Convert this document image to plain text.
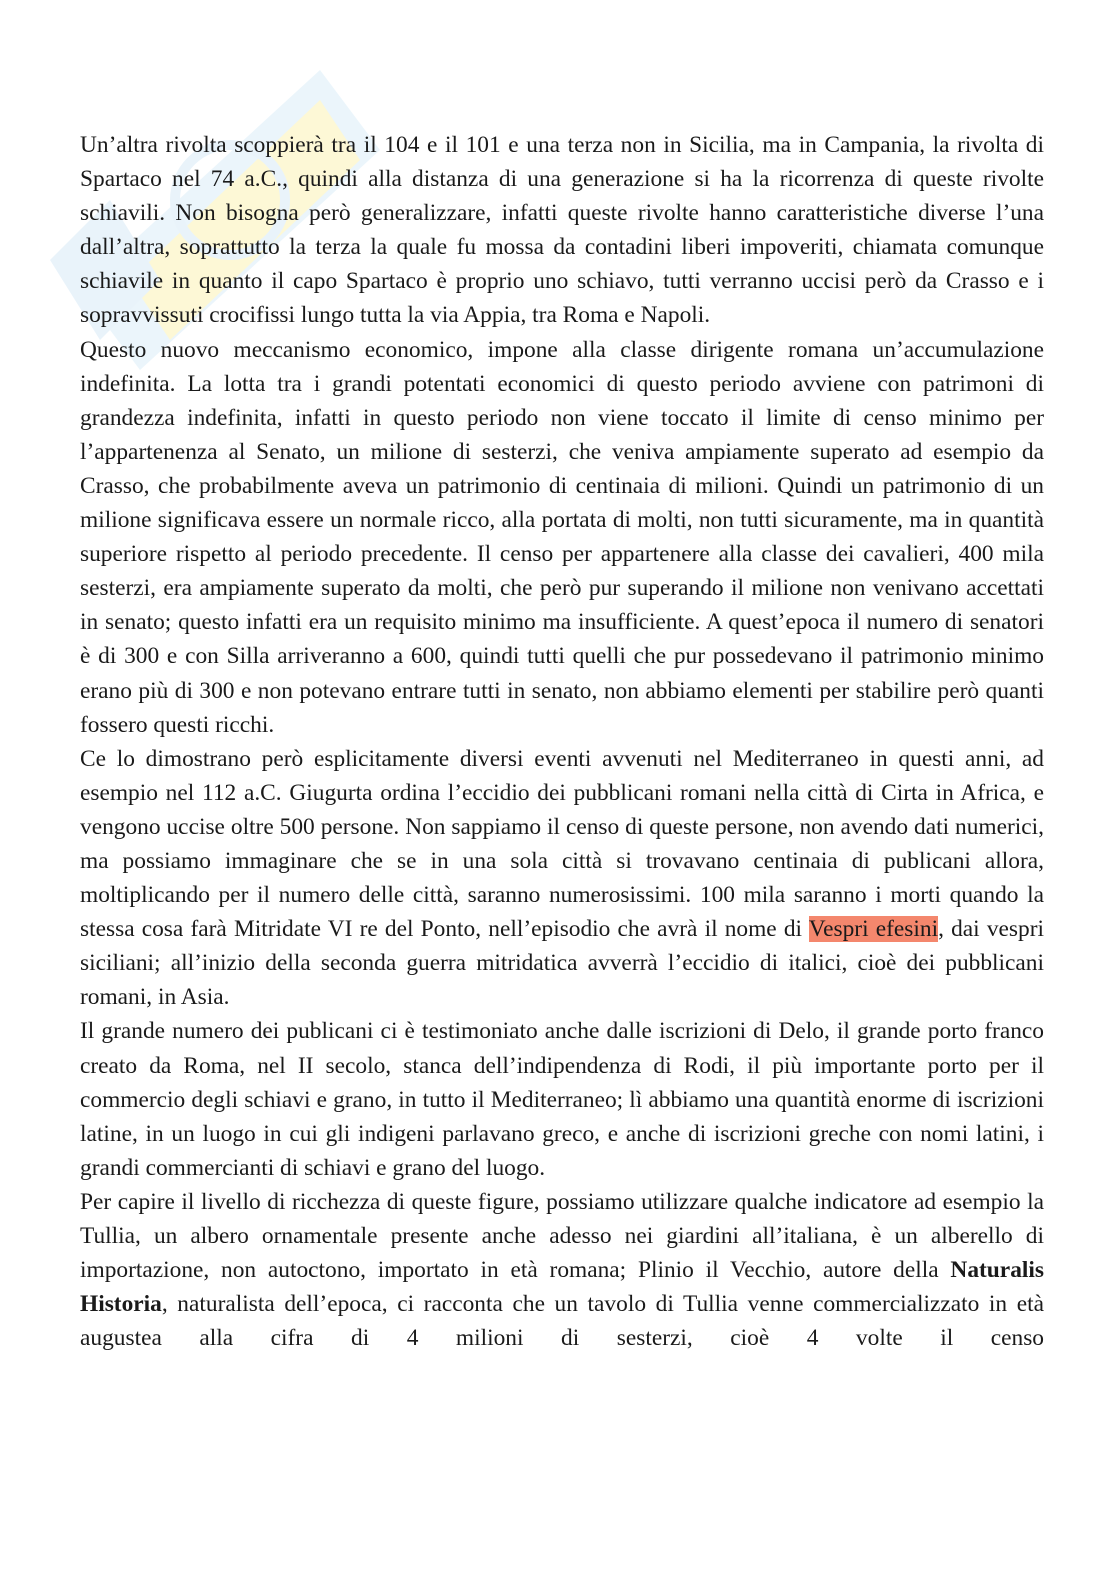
Un’altra rivolta scoppierà tra il 104 e il 101 e una terza non in Sicilia, ma in Campania, la rivolta di Spartaco nel 74 a.C., quindi alla distanza di una generazione si ha la ricorrenza di queste rivolte schiavili. Non bisogna però generalizzare, infatti queste rivolte hanno caratteristiche diverse l’una dall’altra, soprattutto la terza la quale fu mossa da contadini liberi impoveriti, chiamata comunque schiavile in quanto il capo Spartaco è proprio uno schiavo, tutti verranno uccisi però da Crasso e i sopravvissuti crocifissi lungo tutta la via Appia, tra Roma e Napoli.

Questo nuovo meccanismo economico, impone alla classe dirigente romana un’accumulazione indefinita. La lotta tra i grandi potentati economici di questo periodo avviene con patrimoni di grandezza indefinita, infatti in questo periodo non viene toccato il limite di censo minimo per l’appartenenza al Senato, un milione di sesterzi, che veniva ampiamente superato ad esempio da Crasso, che probabilmente aveva un patrimonio di centinaia di milioni. Quindi un patrimonio di un milione significava essere un normale ricco, alla portata di molti, non tutti sicuramente, ma in quantità superiore rispetto al periodo precedente. Il censo per appartenere alla classe dei cavalieri, 400 mila sesterzi, era ampiamente superato da molti, che però pur superando il milione non venivano accettati in senato; questo infatti era un requisito minimo ma insufficiente. A quest’epoca il numero di senatori è di 300 e con Silla arriveranno a 600, quindi tutti quelli che pur possedevano il patrimonio minimo erano più di 300 e non potevano entrare tutti in senato, non abbiamo elementi per stabilire però quanti fossero questi ricchi.

Ce lo dimostrano però esplicitamente diversi eventi avvenuti nel Mediterraneo in questi anni, ad esempio nel 112 a.C. Giugurta ordina l’eccidio dei pubblicani romani nella città di Cirta in Africa, e vengono uccise oltre 500 persone. Non sappiamo il censo di queste persone, non avendo dati numerici, ma possiamo immaginare che se in una sola città si trovavano centinaia di publicani allora, moltiplicando per il numero delle città, saranno numerosissimi. 100 mila saranno i morti quando la stessa cosa farà Mitridate VI re del Ponto, nell’episodio che avrà il nome di Vespri efesini, dai vespri siciliani; all’inizio della seconda guerra mitridatica avverrà l’eccidio di italici, cioè dei pubblicani romani, in Asia.

Il grande numero dei publicani ci è testimoniato anche dalle iscrizioni di Delo, il grande porto franco creato da Roma, nel II secolo, stanca dell’indipendenza di Rodi, il più importante porto per il commercio degli schiavi e grano, in tutto il Mediterraneo; lì abbiamo una quantità enorme di iscrizioni latine, in un luogo in cui gli indigeni parlavano greco, e anche di iscrizioni greche con nomi latini, i grandi commercianti di schiavi e grano del luogo.

Per capire il livello di ricchezza di queste figure, possiamo utilizzare qualche indicatore ad esempio la Tullia, un albero ornamentale presente anche adesso nei giardini all’italiana, è un alberello di importazione, non autoctono, importato in età romana; Plinio il Vecchio, autore della Naturalis Historia, naturalista dell’epoca, ci racconta che un tavolo di Tullia venne commercializzato in età augustea alla cifra di 4 milioni di sesterzi, cioè 4 volte il censo
